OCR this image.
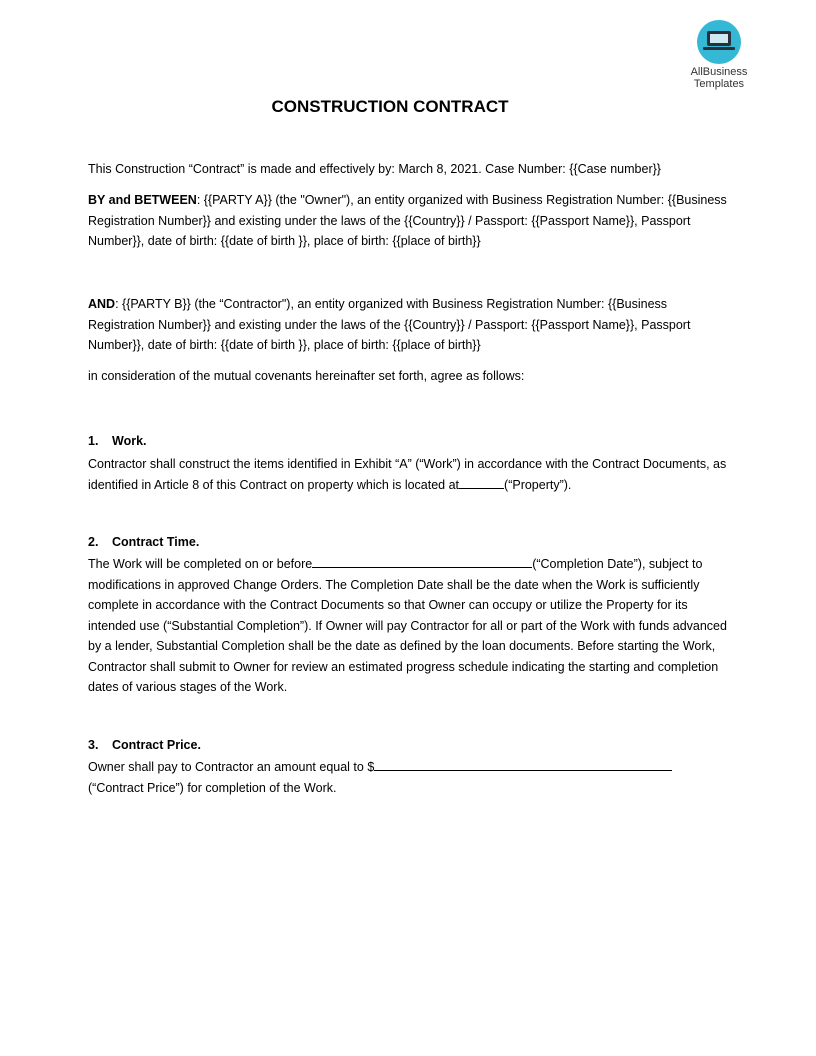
AllBusiness
Templates
CONSTRUCTION CONTRACT
This Construction “Contract” is made and effectively by: March 8, 2021. Case Number: {{Case number}}
BY and BETWEEN: {{PARTY A}} (the "Owner"), an entity organized with Business Registration Number: {{Business Registration Number}} and existing under the laws of the {{Country}} / Passport: {{Passport Name}}, Passport Number}}, date of birth: {{date of birth }}, place of birth: {{place of birth}}
AND: {{PARTY B}} (the “Contractor"), an entity organized with Business Registration Number: {{Business Registration Number}} and existing under the laws of the {{Country}} / Passport: {{Passport Name}}, Passport Number}}, date of birth: {{date of birth }}, place of birth: {{place of birth}}
in consideration of the mutual covenants hereinafter set forth, agree as follows:
1. Work.
Contractor shall construct the items identified in Exhibit “A” (“Work”) in accordance with the Contract Documents, as identified in Article 8 of this Contract on property which is located at	(“Property”).
2. Contract Time.
The Work will be completed on or before	(“Completion Date”), subject to modifications in approved Change Orders. The Completion Date shall be the date when the Work is sufficiently complete in accordance with the Contract Documents so that Owner can occupy or utilize the Property for its intended use (“Substantial Completion”). If Owner will pay Contractor for all or part of the Work with funds advanced by a lender, Substantial Completion shall be the date as defined by the loan documents. Before starting the Work, Contractor shall submit to Owner for review an estimated progress schedule indicating the starting and completion dates of various stages of the Work.
3. Contract Price.
Owner shall pay to Contractor an amount equal to $
(“Contract Price”) for completion of the Work.
